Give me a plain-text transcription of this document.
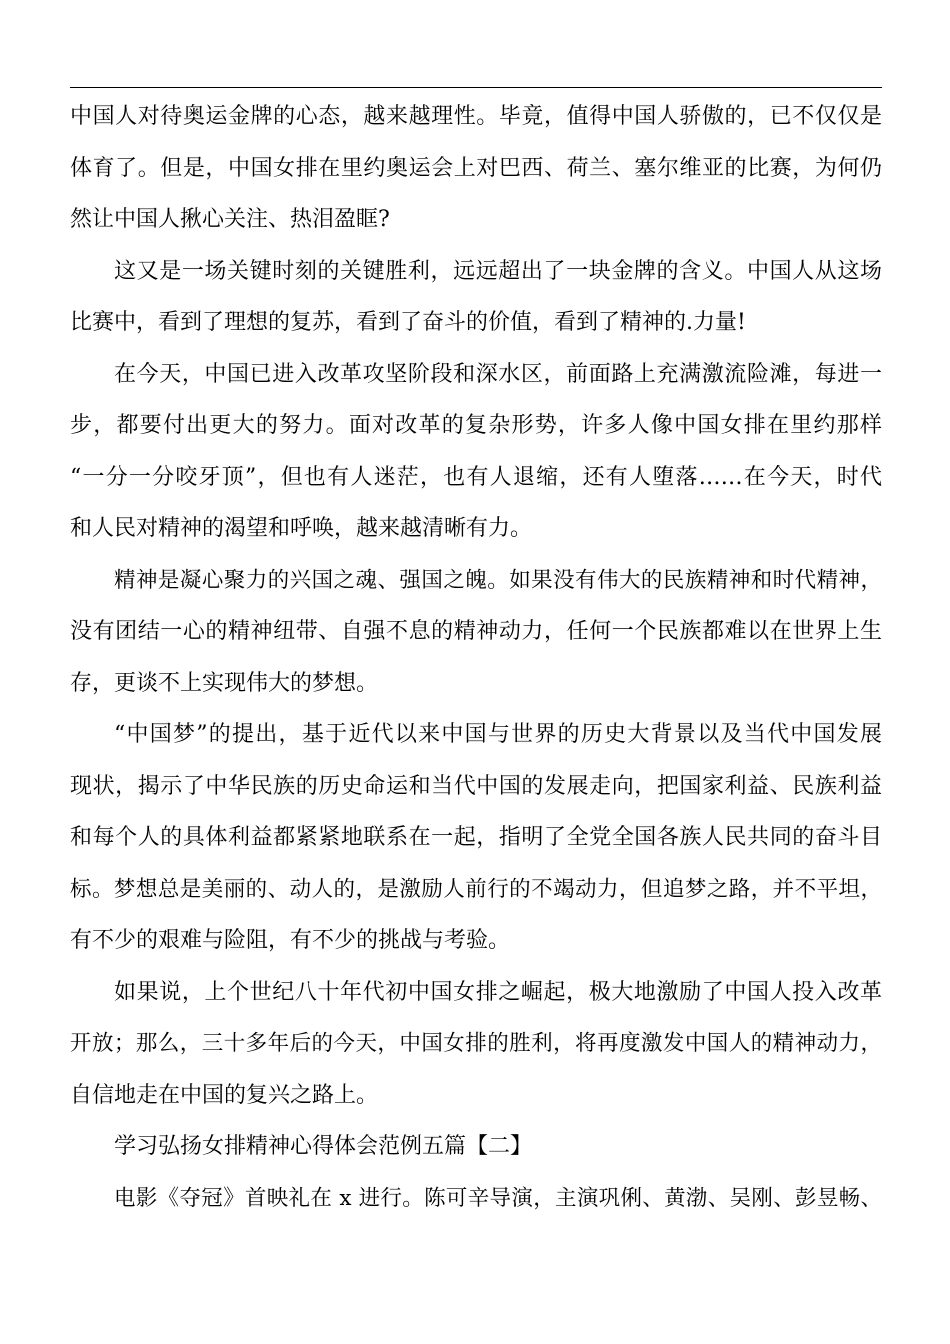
中国人对待奥运金牌的心态，越来越理性。毕竟，值得中国人骄傲的，已不仅仅是
体育了。但是，中国女排在里约奥运会上对巴西、荷兰、塞尔维亚的比赛，为何仍
然让中国人揪心关注、热泪盈眶?
这又是一场关键时刻的关键胜利，远远超出了一块金牌的含义。中国人从这场
比赛中，看到了理想的复苏，看到了奋斗的价值，看到了精神的.力量!
在今天，中国已进入改革攻坚阶段和深水区，前面路上充满激流险滩，每进一
步，都要付出更大的努力。面对改革的复杂形势，许多人像中国女排在里约那样
“一分一分咬牙顶”，但也有人迷茫，也有人退缩，还有人堕落……在今天，时代
和人民对精神的渴望和呼唤，越来越清晰有力。
精神是凝心聚力的兴国之魂、强国之魄。如果没有伟大的民族精神和时代精神，
没有团结一心的精神纽带、自强不息的精神动力，任何一个民族都难以在世界上生
存，更谈不上实现伟大的梦想。
“中国梦”的提出，基于近代以来中国与世界的历史大背景以及当代中国发展
现状，揭示了中华民族的历史命运和当代中国的发展走向，把国家利益、民族利益
和每个人的具体利益都紧紧地联系在一起，指明了全党全国各族人民共同的奋斗目
标。梦想总是美丽的、动人的，是激励人前行的不竭动力，但追梦之路，并不平坦，
有不少的艰难与险阻，有不少的挑战与考验。
如果说，上个世纪八十年代初中国女排之崛起，极大地激励了中国人投入改革
开放；那么，三十多年后的今天，中国女排的胜利，将再度激发中国人的精神动力，
自信地走在中国的复兴之路上。
学习弘扬女排精神心得体会范例五篇【二】
电影《夺冠》首映礼在 x 进行。陈可辛导演，主演巩俐、黄渤、吴刚、彭昱畅、
